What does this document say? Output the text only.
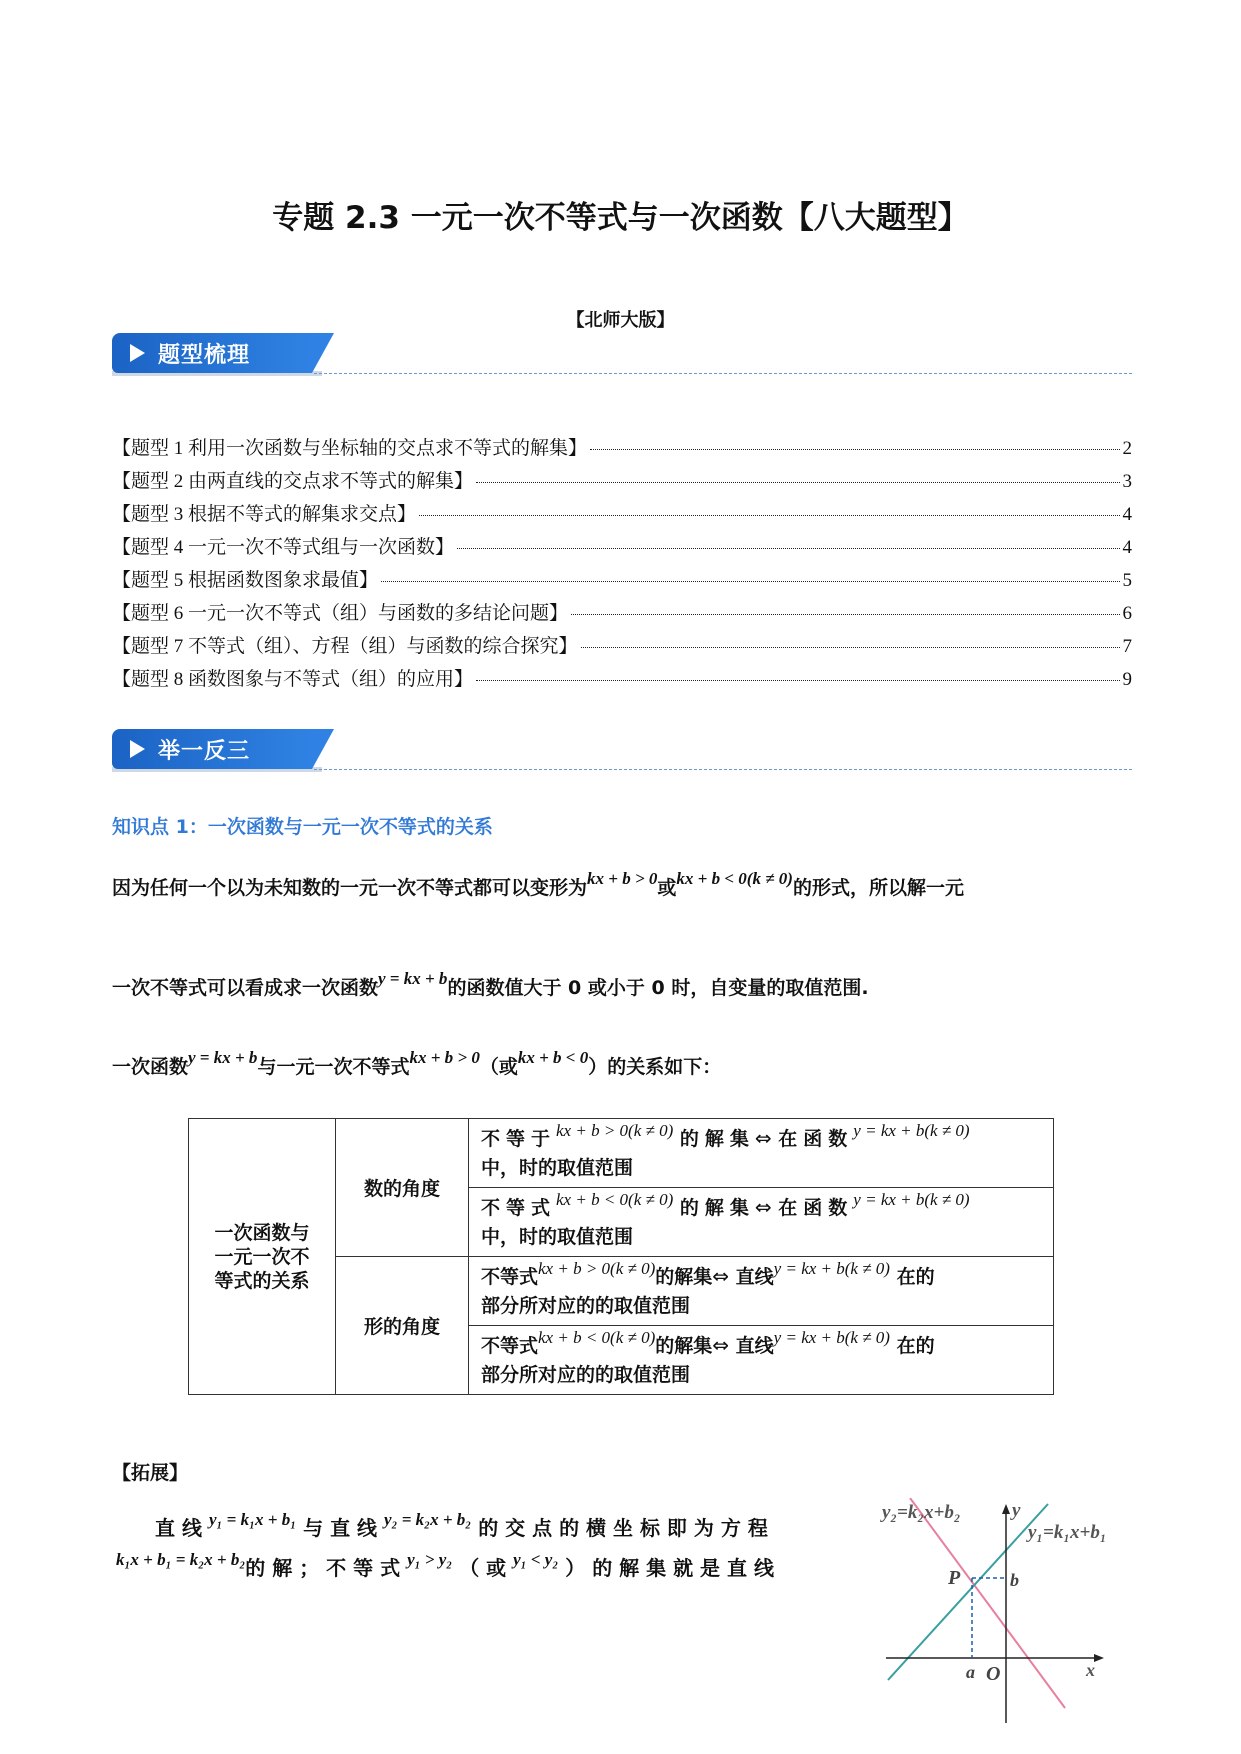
专题 2.3 一元一次不等式与一次函数【八大题型】
【北师大版】
题型梳理
【题型 1 利用一次函数与坐标轴的交点求不等式的解集】	2
【题型 2 由两直线的交点求不等式的解集】	3
【题型 3 根据不等式的解集求交点】	4
【题型 4 一元一次不等式组与一次函数】	4
【题型 5 根据函数图象求最值】	5
【题型 6 一元一次不等式（组）与函数的多结论问题】	6
【题型 7 不等式（组）、方程（组）与函数的综合探究】	7
【题型 8 函数图象与不等式（组）的应用】	9
举一反三
知识点 1：一次函数与一元一次不等式的关系
因为任何一个以为未知数的一元一次不等式都可以变形为kx + b > 0或kx + b < 0(k ≠ 0)的形式，所以解一元
一次不等式可以看成求一次函数y = kx + b的函数值大于 0 或小于 0 时，自变量的取值范围.
一次函数y = kx + b与一元一次不等式kx + b > 0（或kx + b < 0）的关系如下：
一次函数与一元一次不等式的关系	数的角度	不等于kx + b > 0(k ≠ 0) 的解集⇔ 在函数y = kx + b(k ≠ 0)
中，时的取值范围
		不等式kx + b < 0(k ≠ 0) 的解集⇔ 在函数y = kx + b(k ≠ 0)
中，时的取值范围
	形的角度	不等式kx + b > 0(k ≠ 0)的解集⇔ 直线y = kx + b(k ≠ 0) 在的
部分所对应的的取值范围
		不等式kx + b < 0(k ≠ 0)的解集⇔ 直线y = kx + b(k ≠ 0) 在的
部分所对应的的取值范围
【拓展】
直 线 $^{y_1 = k_1x + b_1}$ 与 直 线 $^{y_2 = k_2x + b_2}$ 的 交 点 的 横 坐 标 即 为 方 程
$^{k_1x + b_1 = k_2x + b_2}$的 解 ； 不 等 式 $^{y_1 > y_2}$ （ 或 $^{y_1 < y_2}$ ） 的 解 集 就 是 直 线
y₂=k₂x+b₂
y₁=k₁x+b₁
y
x
P	b
a O
